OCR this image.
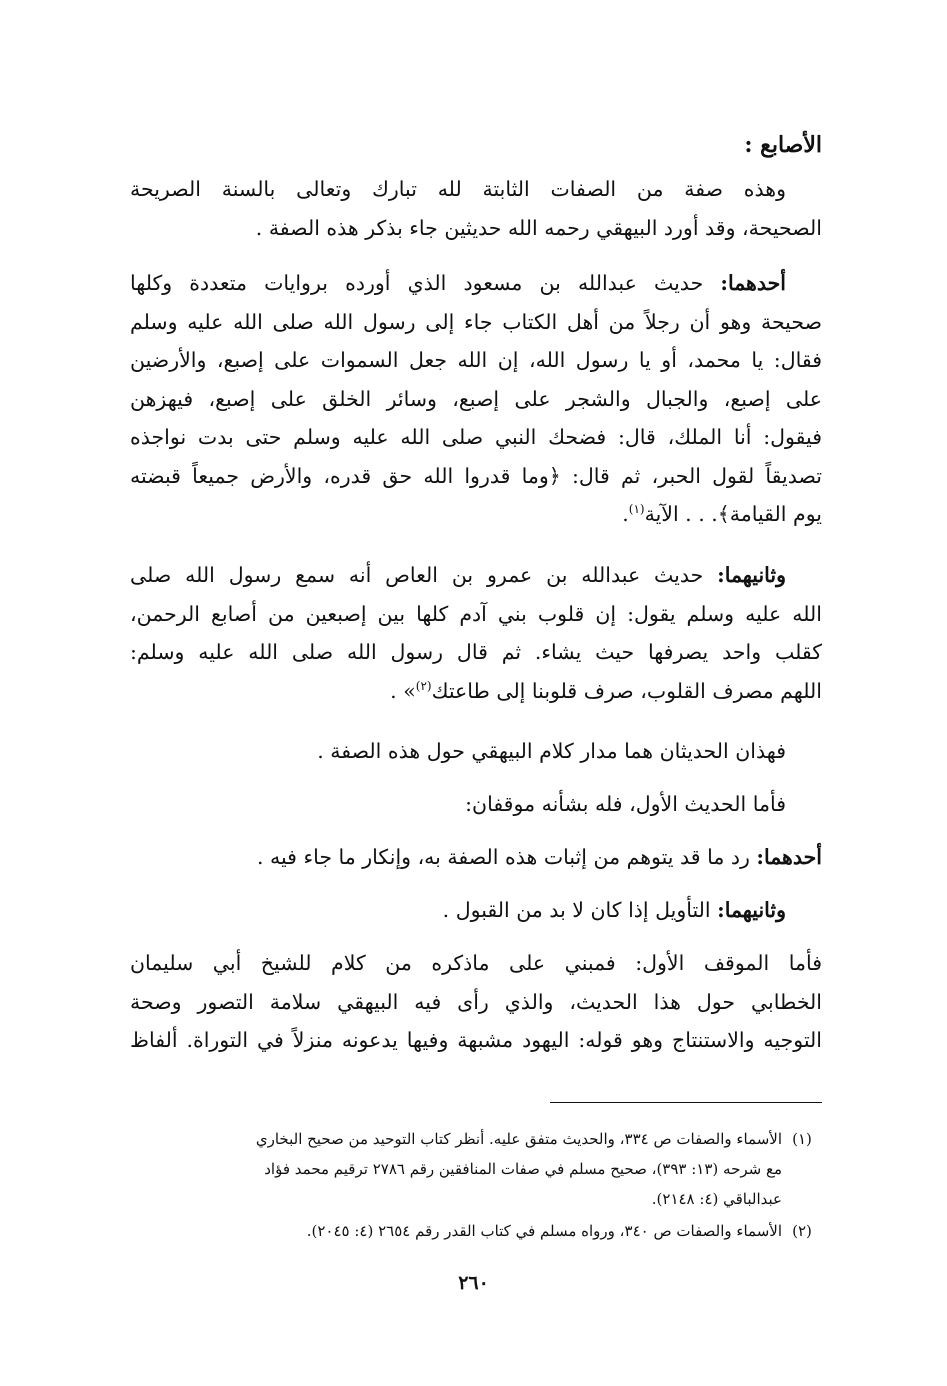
الأصابع :
وهذه صفة من الصفات الثابتة لله تبارك وتعالى بالسنة الصريحة
الصحيحة، وقد أورد البيهقي رحمه الله حديثين جاء بذكر هذه الصفة .
أحدهما: حديث عبدالله بن مسعود الذي أورده بروايات متعددة وكلها
صحيحة وهو أن رجلاً من أهل الكتاب جاء إلى رسول الله صلى الله عليه وسلم
فقال: يا محمد، أو يا رسول الله، إن الله جعل السموات على إصبع، والأرضين
على إصبع، والجبال والشجر على إصبع، وسائر الخلق على إصبع، فيهزهن
فيقول: أنا الملك، قال: فضحك النبي صلى الله عليه وسلم حتى بدت نواجذه
تصديقاً لقول الحبر، ثم قال: ﴿وما قدروا الله حق قدره، والأرض جميعاً قبضته
يوم القيامة﴾. . . الآية$^{(١)}$.
وثانيهما: حديث عبدالله بن عمرو بن العاص أنه سمع رسول الله صلى
الله عليه وسلم يقول: إن قلوب بني آدم كلها بين إصبعين من أصابع الرحمن،
كقلب واحد يصرفها حيث يشاء. ثم قال رسول الله صلى الله عليه وسلم:
اللهم مصرف القلوب، صرف قلوبنا إلى طاعتك$^{(٢)}$» .
فهذان الحديثان هما مدار كلام البيهقي حول هذه الصفة .
فأما الحديث الأول، فله بشأنه موقفان:
أحدهما: رد ما قد يتوهم من إثبات هذه الصفة به، وإنكار ما جاء فيه .
وثانيهما: التأويل إذا كان لا بد من القبول .
فأما الموقف الأول: فمبني على ماذكره من كلام للشيخ أبي سليمان
الخطابي حول هذا الحديث، والذي رأى فيه البيهقي سلامة التصور وصحة
التوجيه والاستنتاج وهو قوله: اليهود مشبهة وفيها يدعونه منزلاً في التوراة. ألفاظ
(١)الأسماء والصفات ص ٣٣٤، والحديث متفق عليه. أنظر كتاب التوحيد من صحيح البخاري
مع شرحه (١٣: ٣٩٣)، صحيح مسلم في صفات المنافقين رقم ٢٧٨٦ ترقيم محمد فؤاد
عبدالباقي (٤: ٢١٤٨).
(٢)الأسماء والصفات ص ٣٤٠، ورواه مسلم في كتاب القدر رقم ٢٦٥٤ (٤: ٢٠٤٥).
٢٦٠
